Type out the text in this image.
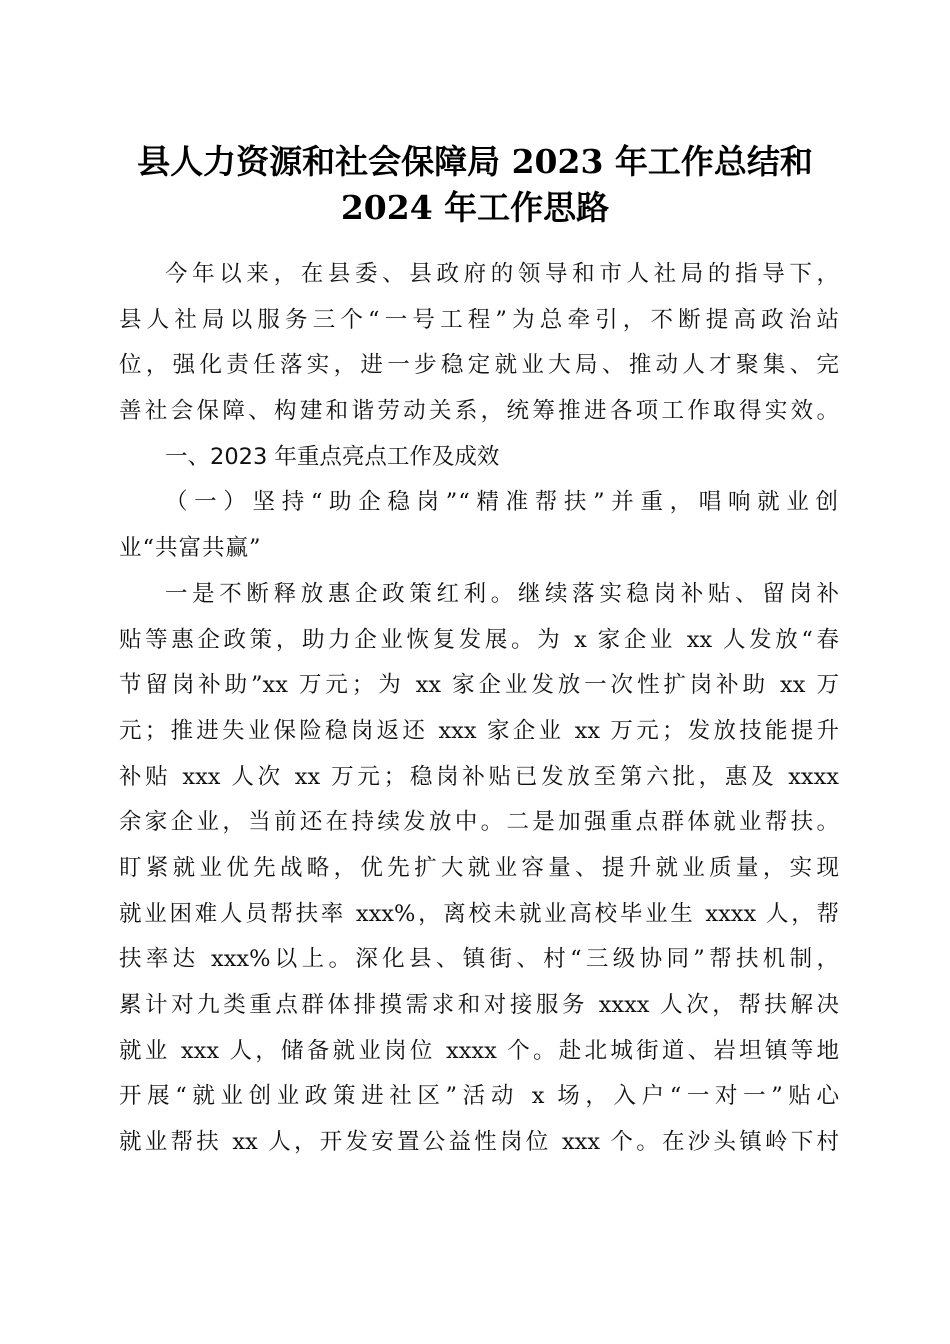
县人力资源和社会保障局 2023 年工作总结和
2024 年工作思路
今年以来，在县委、县政府的领导和市人社局的指导下，
县人社局以服务三个“一号工程”为总牵引，不断提高政治站
位，强化责任落实，进一步稳定就业大局、推动人才聚集、完
善社会保障、构建和谐劳动关系，统筹推进各项工作取得实效。
一、2023 年重点亮点工作及成效
（一）坚持“助企稳岗”“精准帮扶”并重，唱响就业创
业“共富共赢”
一是不断释放惠企政策红利。继续落实稳岗补贴、留岗补
贴等惠企政策，助力企业恢复发展。为 x 家企业 xx 人发放“春
节留岗补助”xx 万元；为 xx 家企业发放一次性扩岗补助 xx 万
元；推进失业保险稳岗返还 xxx 家企业 xx 万元；发放技能提升
补贴 xxx 人次 xx 万元；稳岗补贴已发放至第六批，惠及 xxxx
余家企业，当前还在持续发放中。二是加强重点群体就业帮扶。
盯紧就业优先战略，优先扩大就业容量、提升就业质量，实现
就业困难人员帮扶率 xxx%，离校未就业高校毕业生 xxxx 人，帮
扶率达 xxx%以上。深化县、镇街、村“三级协同”帮扶机制，
累计对九类重点群体排摸需求和对接服务 xxxx 人次，帮扶解决
就业 xxx 人，储备就业岗位 xxxx 个。赴北城街道、岩坦镇等地
开展“就业创业政策进社区”活动 x 场，入户“一对一”贴心
就业帮扶 xx 人，开发安置公益性岗位 xxx 个。在沙头镇岭下村
